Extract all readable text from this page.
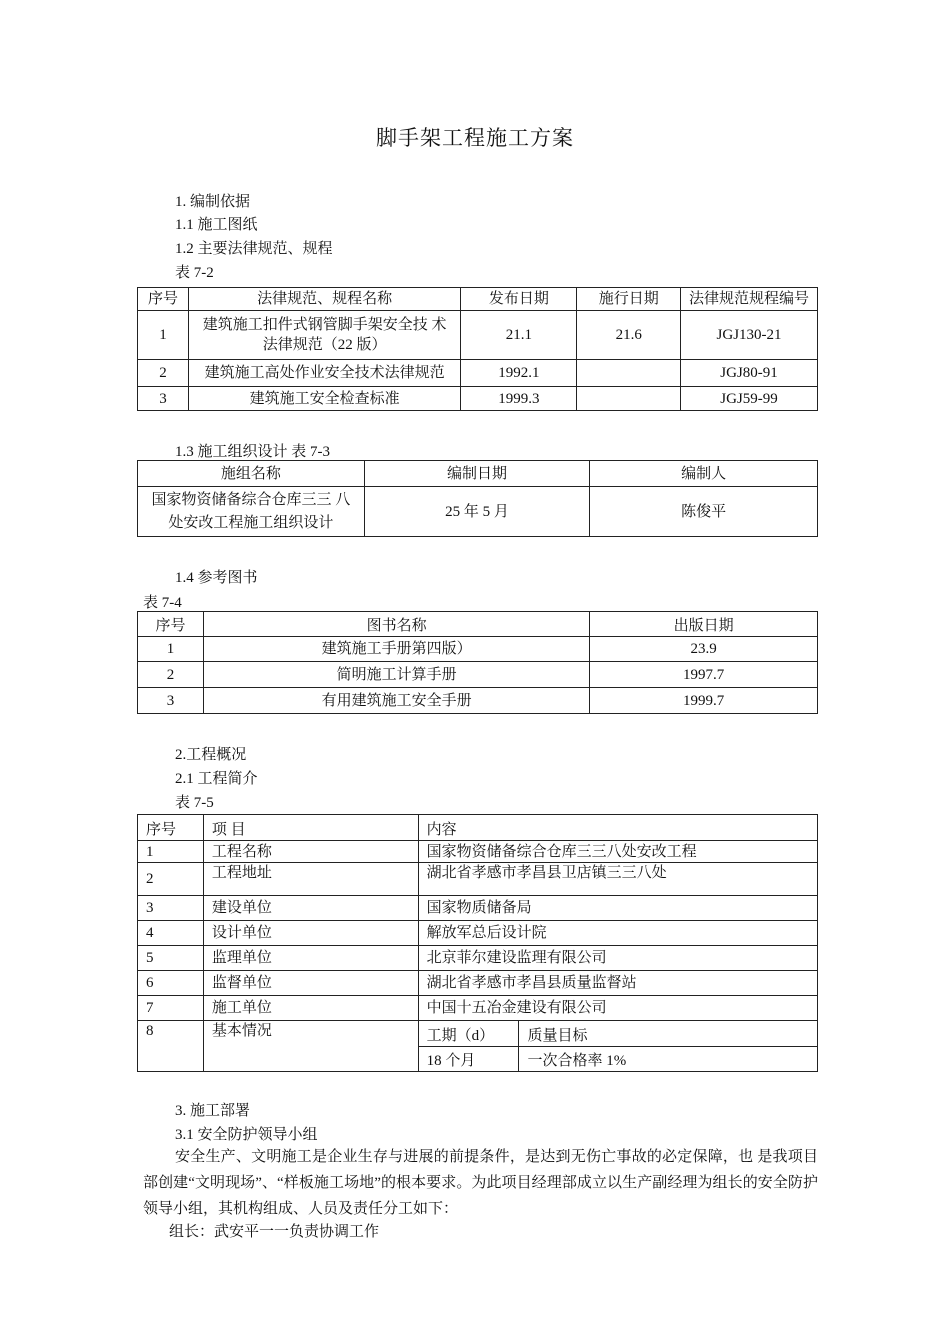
脚手架工程施工方案
1. 编制依据
1.1 施工图纸
1.2 主要法律规范、规程
表 7-2
序号	法律规范、规程名称	发布日期	施行日期	法律规范规程编号
1	建筑施工扣件式钢管脚手架安全技 术
法律规范（22 版）	21.1	21.6	JGJ130-21
2	建筑施工高处作业安全技术法律规范	1992.1		JGJ80-91
3	建筑施工安全检查标准	1999.3		JGJ59-99
1.3 施工组织设计 表 7-3
施组名称	编制日期	编制人

国家物资储备综合仓库三三 八
处安改工程施工组织设计	25 年 5 月	陈俊平
1.4 参考图书
表 7-4
序号	图书名称	出版日期
1	建筑施工手册第四版）	23.9
2	简明施工计算手册	1997.7
3	有用建筑施工安全手册	1999.7
2.工程概况
2.1 工程简介
表 7-5
序号	项 目	内容	
1	工程名称	国家物资储备综合仓库三三八处安改工程	
2	工程地址	湖北省孝感市孝昌县卫店镇三三八处	
3	建设单位	国家物质储备局	
4	设计单位	解放军总后设计院	
5	监理单位	北京菲尔建设监理有限公司	
6	监督单位	湖北省孝感市孝昌县质量监督站	
7	施工单位	中国十五冶金建设有限公司	
8	基本情况	工期（d）	质量目标
		18 个月	一次合格率 1%
3. 施工部署
3.1 安全防护领导小组
安全生产、文明施工是企业生存与进展的前提条件，是达到无伤亡事故的必定保障，也 是我项目部创建“文明现场”、“样板施工场地”的根本要求。为此项目经理部成立以生产副经理为组长的安全防护领导小组，其机构组成、人员及责任分工如下：
组长：武安平一一负责协调工作
